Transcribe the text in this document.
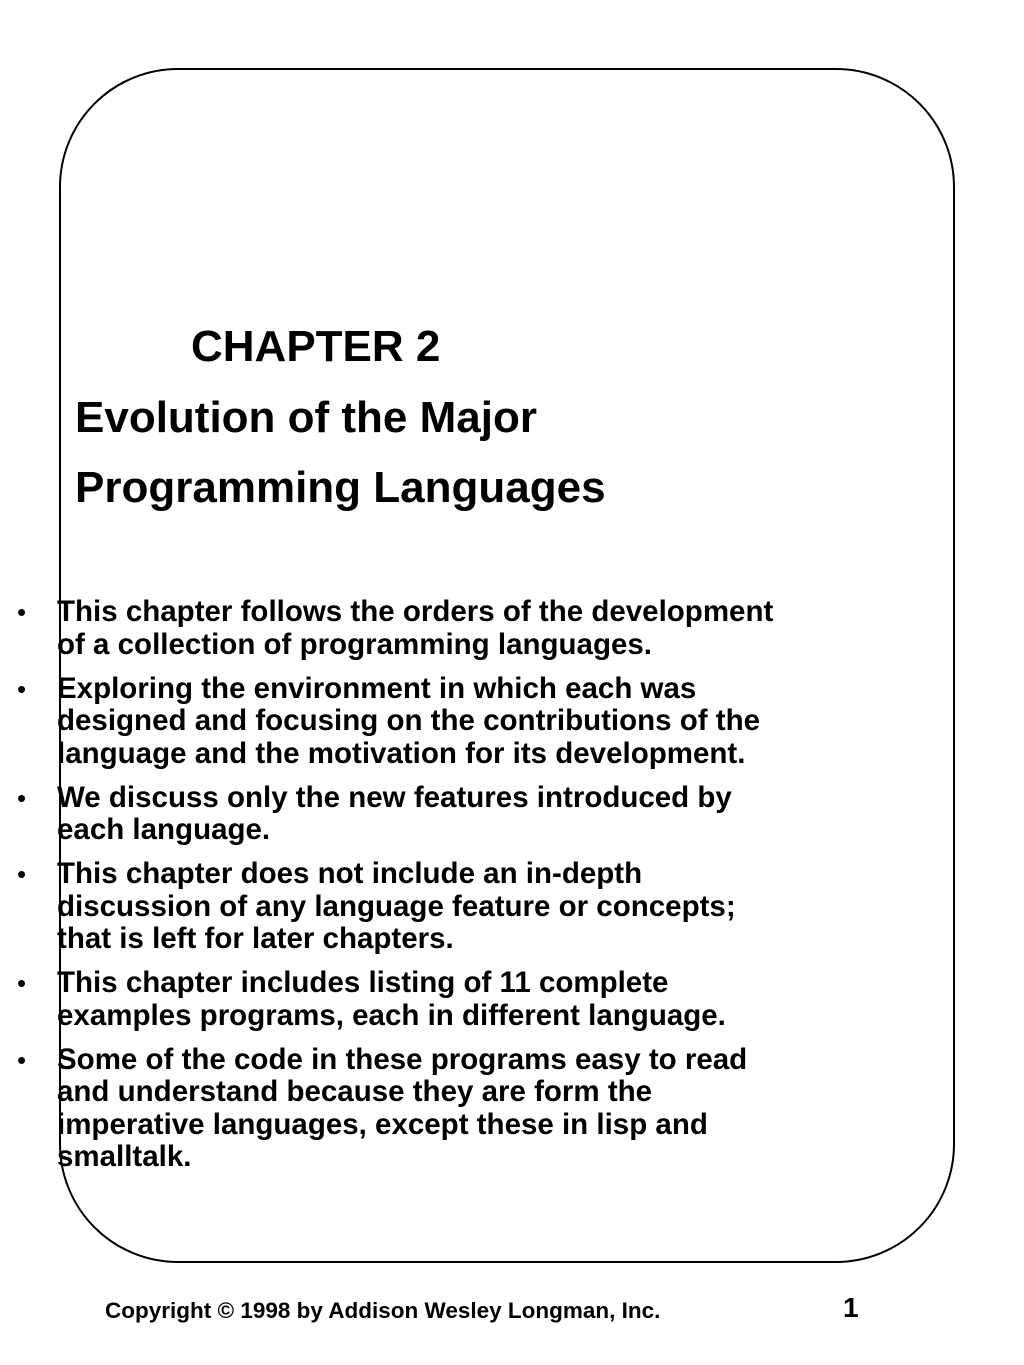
CHAPTER 2
Evolution of the Major
Programming Languages
• This chapter follows the orders of the development
of a collection of programming languages.
• Exploring the environment in which each was
designed and focusing on the contributions of the
language and the motivation for its development.
• We discuss only the new features introduced by
each language.
• This chapter does not include an in-depth
discussion of any language feature or concepts;
that is left for later chapters.
• This chapter includes listing of 11 complete
examples programs, each in different language.
• Some of the code in these programs easy to read
and understand because they are form the
imperative languages, except these in lisp and
smalltalk.
Copyright © 1998 by Addison Wesley Longman, Inc.	1
